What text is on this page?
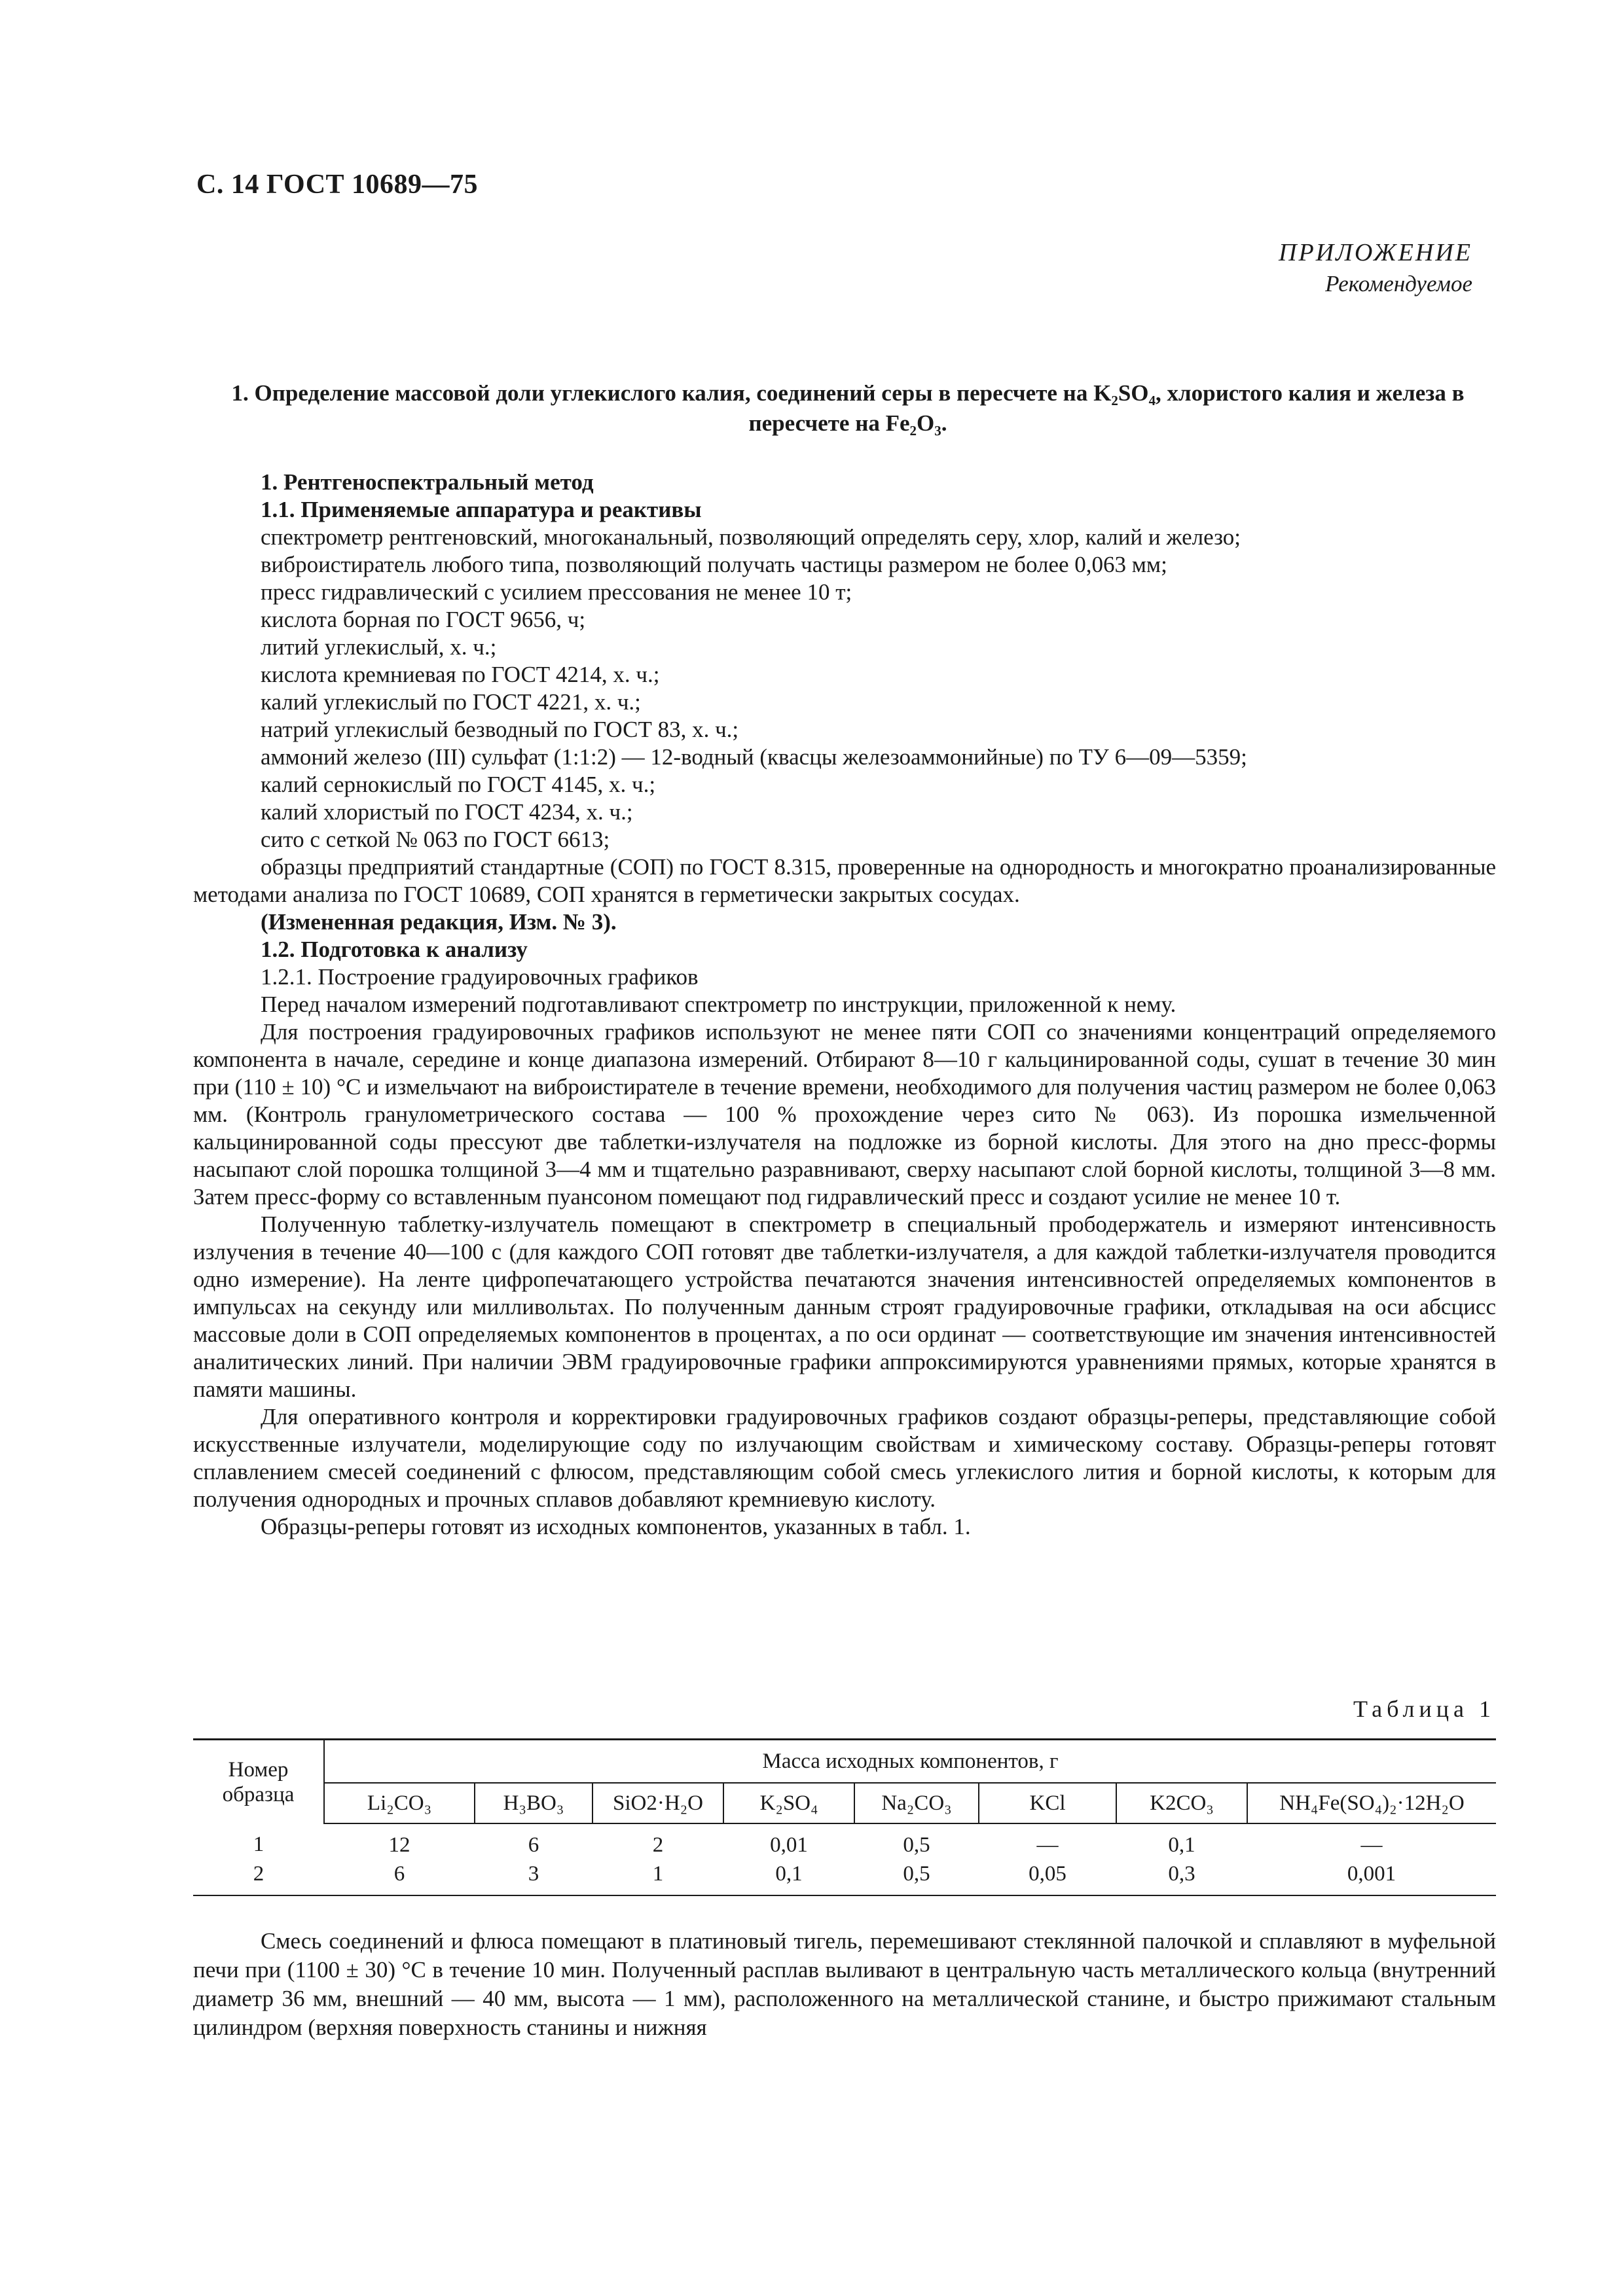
С. 14 ГОСТ 10689—75
ПРИЛОЖЕНИЕ
Рекомендуемое
1. Определение массовой доли углекислого калия, соединений серы в пересчете на K₂SO₄, хлористого калия и железа в пересчете на Fe₂O₃.

1. Рентгеноспектральный метод

1.1. Применяемые аппаратура и реактивы

спектрометр рентгеновский, многоканальный, позволяющий определять серу, хлор, калий и железо;

виброистиратель любого типа, позволяющий получать частицы размером не более 0,063 мм;

пресс гидравлический с усилием прессования не менее 10 т;

кислота борная по ГОСТ 9656, ч;

литий углекислый, х. ч.;

кислота кремниевая по ГОСТ 4214, х. ч.;

калий углекислый по ГОСТ 4221, х. ч.;

натрий углекислый безводный по ГОСТ 83, х. ч.;

аммоний железо (III) сульфат (1:1:2) — 12-водный (квасцы железоаммонийные) по ТУ 6—09—5359;

калий сернокислый по ГОСТ 4145, х. ч.;

калий хлористый по ГОСТ 4234, х. ч.;

сито с сеткой № 063 по ГОСТ 6613;

образцы предприятий стандартные (СОП) по ГОСТ 8.315, проверенные на однородность и многократно проанализированные методами анализа по ГОСТ 10689, СОП хранятся в герметически закрытых сосудах.

(Измененная редакция, Изм. № 3).

1.2. Подготовка к анализу

1.2.1. Построение градуировочных графиков

Перед началом измерений подготавливают спектрометр по инструкции, приложенной к нему.

Для построения градуировочных графиков используют не менее пяти СОП со значениями концентраций определяемого компонента в начале, середине и конце диапазона измерений. Отбирают 8—10 г кальцинированной соды, сушат в течение 30 мин при (110 ± 10) °С и измельчают на виброистирателе в течение времени, необходимого для получения частиц размером не более 0,063 мм. (Контроль гранулометрического состава — 100 % прохождение через сито № 063). Из порошка измельченной кальцинированной соды прессуют две таблетки-излучателя на подложке из борной кислоты. Для этого на дно пресс-формы насыпают слой порошка толщиной 3—4 мм и тщательно разравнивают, сверху насыпают слой борной кислоты, толщиной 3—8 мм. Затем пресс-форму со вставленным пуансоном помещают под гидравлический пресс и создают усилие не менее 10 т.

Полученную таблетку-излучатель помещают в спектрометр в специальный прободержатель и измеряют интенсивность излучения в течение 40—100 с (для каждого СОП готовят две таблетки-излучателя, а для каждой таблетки-излучателя проводится одно измерение). На ленте цифропечатающего устройства печатаются значения интенсивностей определяемых компонентов в импульсах на секунду или милливольтах. По полученным данным строят градуировочные графики, откладывая на оси абсцисс массовые доли в СОП определяемых компонентов в процентах, а по оси ординат — соответствующие им значения интенсивностей аналитических линий. При наличии ЭВМ градуировочные графики аппроксимируются уравнениями прямых, которые хранятся в памяти машины.

Для оперативного контроля и корректировки градуировочных графиков создают образцы-реперы, представляющие собой искусственные излучатели, моделирующие соду по излучающим свойствам и химическому составу. Образцы-реперы готовят сплавлением смесей соединений с флюсом, представляющим собой смесь углекислого лития и борной кислоты, к которым для получения однородных и прочных сплавов добавляют кремниевую кислоту.

Образцы-реперы готовят из исходных компонентов, указанных в табл. 1.

Таблица 1
Номер образца	Масса исходных компонентов, г							
	Li₂CO₃	H₃BO₃	SiO2·H₂O	K₂SO₄	Na₂CO₃	KCl	K2CO₃	NH₄Fe(SO₄)₂·12H₂O
1	12	6	2	0,01	0,5	—	0,1	—
2	6	3	1	0,1	0,5	0,05	0,3	0,001

Смесь соединений и флюса помещают в платиновый тигель, перемешивают стеклянной палочкой и сплавляют в муфельной печи при (1100 ± 30) °С в течение 10 мин. Полученный расплав выливают в центральную часть металлического кольца (внутренний диаметр 36 мм, внешний — 40 мм, высота — 1 мм), расположенного на металлической станине, и быстро прижимают стальным цилиндром (верхняя поверхность станины и нижняя
